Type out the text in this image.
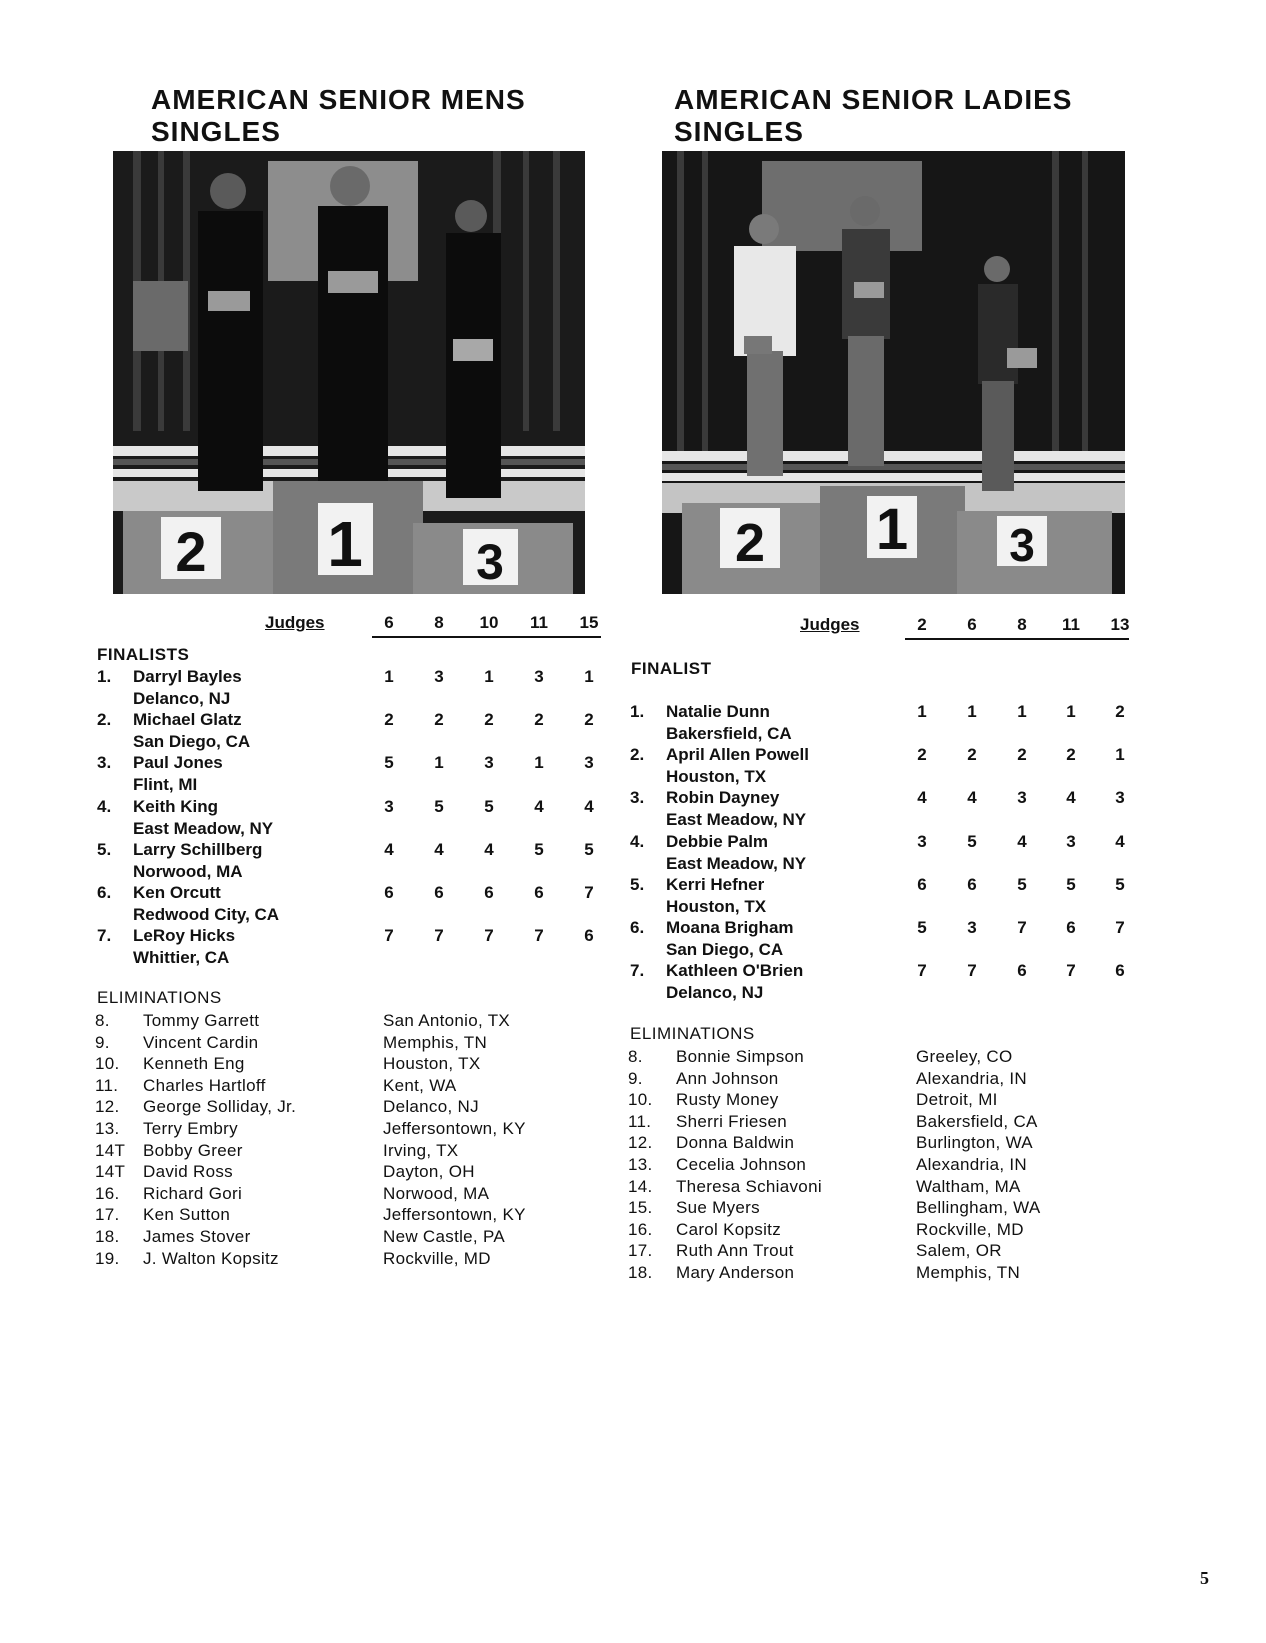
AMERICAN SENIOR MENS
SINGLES
2 1 3
Judges	6	8	10	11	15
FINALISTS
1.	Darryl Bayles
Delanco, NJ
1	3	1	3	1
2.	Michael Glatz
San Diego, CA
2	2	2	2	2
3.	Paul Jones
Flint, MI
5	1	3	1	3
4.	Keith King
East Meadow, NY
3	5	5	4	4
5.	Larry Schillberg
Norwood, MA
4	4	4	5	5
6.	Ken Orcutt
Redwood City, CA
6	6	6	6	7
7.	LeRoy Hicks
Whittier, CA
7	7	7	7	6
ELIMINATIONS
8. Tommy Garrett	San Antonio, TX
9. Vincent Cardin	Memphis, TN
10. Kenneth Eng	Houston, TX
11. Charles Hartloff	Kent, WA
12. George Solliday, Jr.	Delanco, NJ
13. Terry Embry	Jeffersontown, KY
14T Bobby Greer	Irving, TX
14T David Ross	Dayton, OH
16. Richard Gori	Norwood, MA
17. Ken Sutton	Jeffersontown, KY
18. James Stover	New Castle, PA
19. J. Walton Kopsitz	Rockville, MD
AMERICAN SENIOR LADIES
SINGLES
2 1 3
Judges	2	6	8	11	13
FINALIST
1.	Natalie Dunn
Bakersfield, CA
1	1	1	1	2
2.	April Allen Powell
Houston, TX
2	2	2	2	1
3.	Robin Dayney
East Meadow, NY
4	4	3	4	3
4.	Debbie Palm
East Meadow, NY
3	5	4	3	4
5.	Kerri Hefner
Houston, TX
6	6	5	5	5
6.	Moana Brigham
San Diego, CA
5	3	7	6	7
7.	Kathleen O'Brien
Delanco, NJ
7	7	6	7	6
ELIMINATIONS
8. Bonnie Simpson	Greeley, CO
9. Ann Johnson	Alexandria, IN
10. Rusty Money	Detroit, MI
11. Sherri Friesen	Bakersfield, CA
12. Donna Baldwin	Burlington, WA
13. Cecelia Johnson	Alexandria, IN
14. Theresa Schiavoni	Waltham, MA
15. Sue Myers	Bellingham, WA
16. Carol Kopsitz	Rockville, MD
17. Ruth Ann Trout	Salem, OR
18. Mary Anderson	Memphis, TN
5
